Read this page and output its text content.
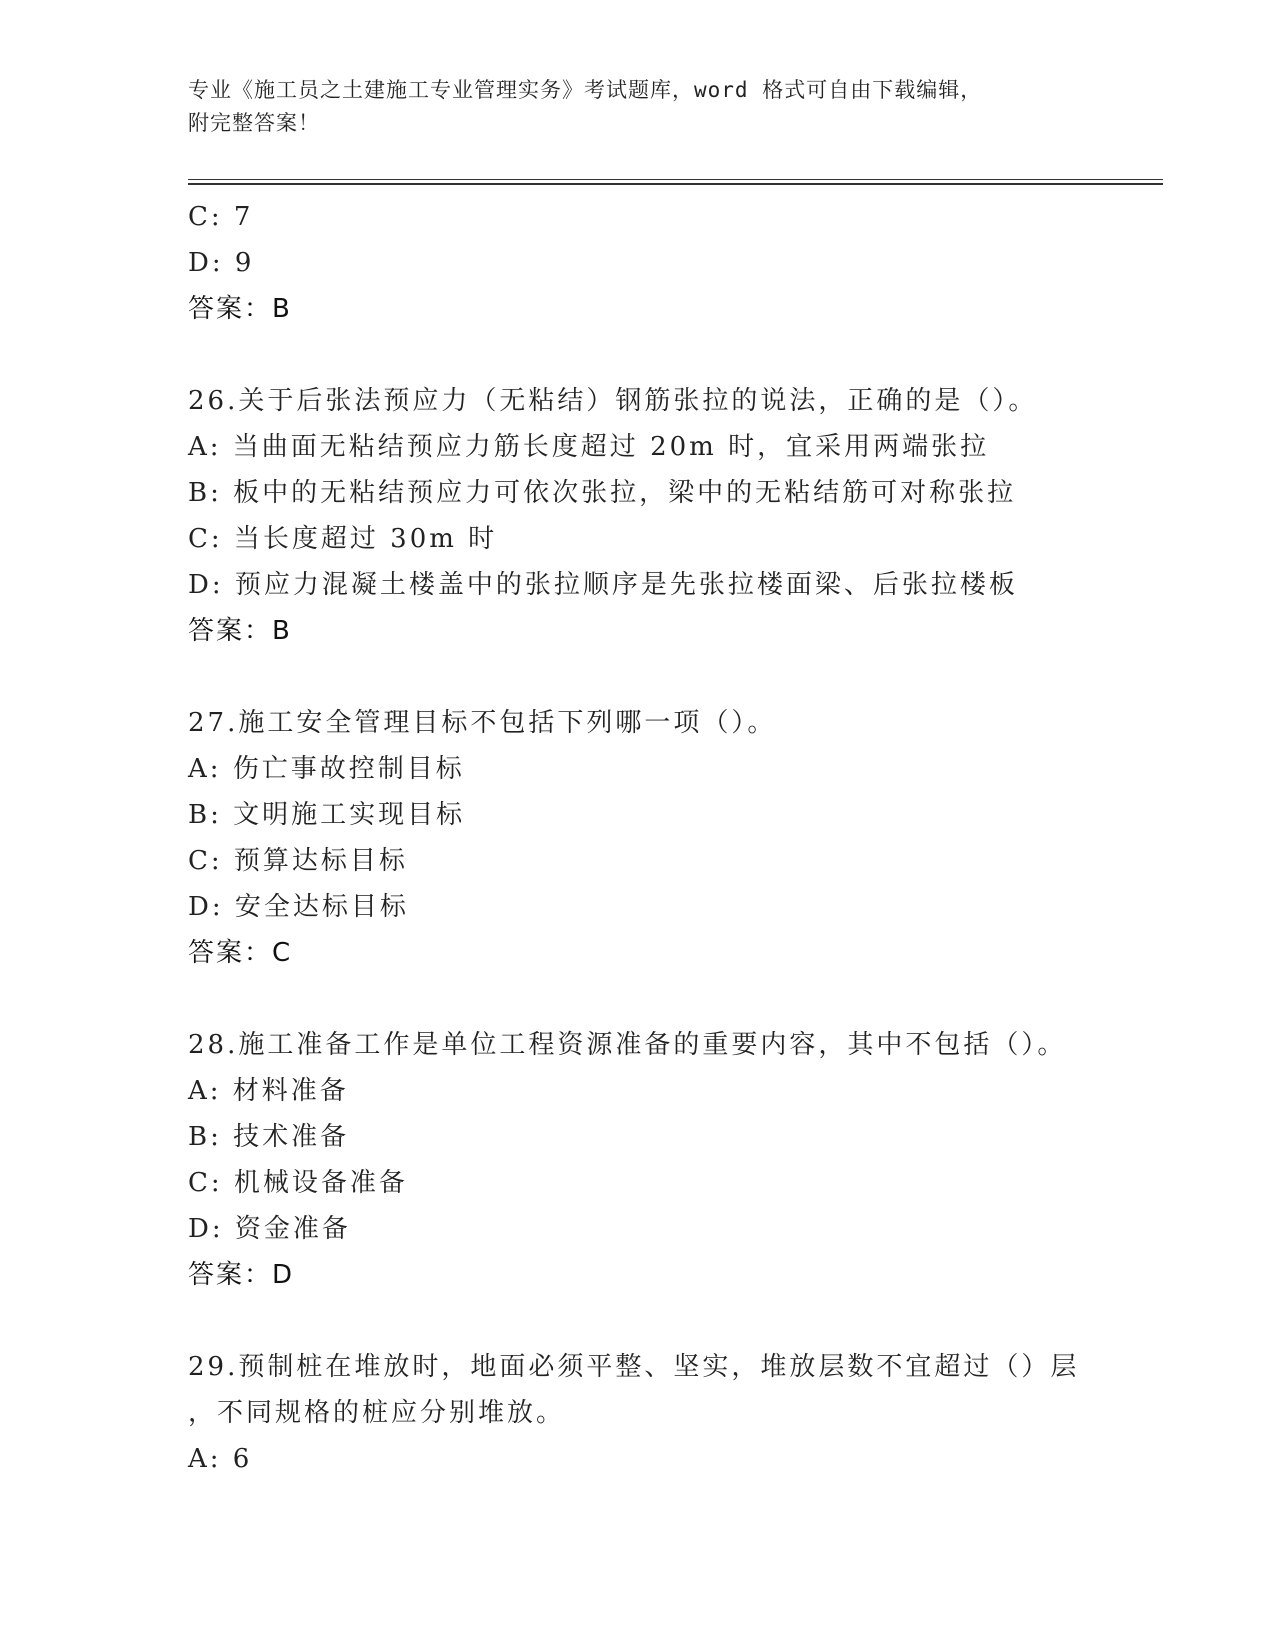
专业《施工员之土建施工专业管理实务》考试题库，word 格式可自由下载编辑，
附完整答案！
C: 7
D: 9
答案：B
26.关于后张法预应力（无粘结）钢筋张拉的说法，正确的是（）。
A: 当曲面无粘结预应力筋长度超过 20m 时，宜采用两端张拉
B: 板中的无粘结预应力可依次张拉，梁中的无粘结筋可对称张拉
C: 当长度超过 30m 时
D: 预应力混凝土楼盖中的张拉顺序是先张拉楼面梁、后张拉楼板
答案：B
27.施工安全管理目标不包括下列哪一项（）。
A: 伤亡事故控制目标
B: 文明施工实现目标
C: 预算达标目标
D: 安全达标目标
答案：C
28.施工准备工作是单位工程资源准备的重要内容，其中不包括（）。
A: 材料准备
B: 技术准备
C: 机械设备准备
D: 资金准备
答案：D
29.预制桩在堆放时，地面必须平整、坚实，堆放层数不宜超过（）层
，不同规格的桩应分别堆放。
A: 6
